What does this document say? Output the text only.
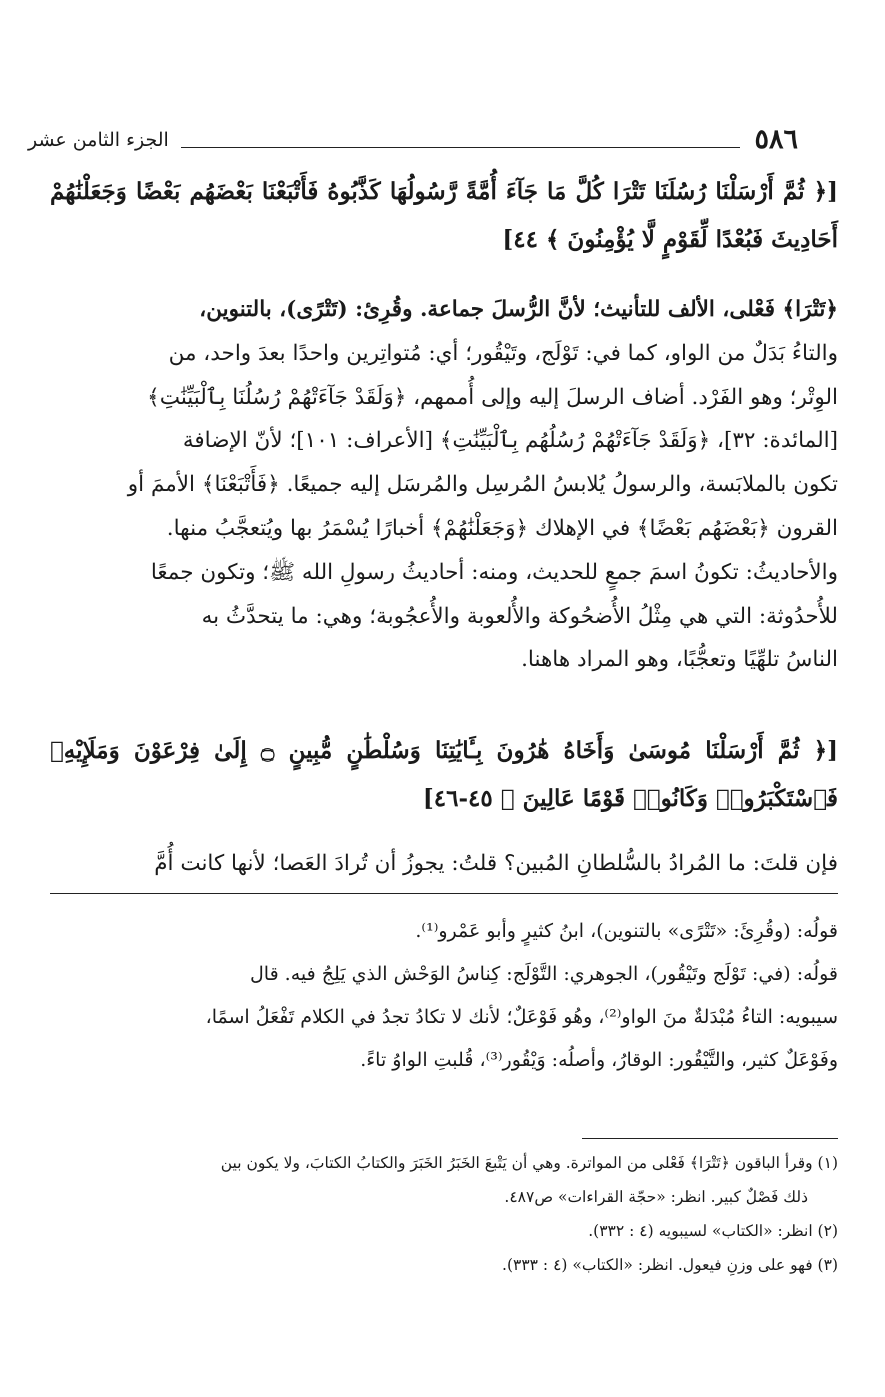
٥٨٦
الجزء الثامن عشر

[﴿ ثُمَّ أَرْسَلْنَا رُسُلَنَا تَتْرَا كُلَّ مَا جَآءَ أُمَّةً رَّسُولُهَا كَذَّبُوهُ فَأَتْبَعْنَا بَعْضَهُم بَعْضًا وَجَعَلْنَٰهُمْ أَحَادِيثَ فَبُعْدًا لِّقَوْمٍ لَّا يُؤْمِنُونَ ﴾ ٤٤]

﴿تَتْرَا﴾ فَعْلى، الألف للتأنيث؛ لأنَّ الرُّسلَ جماعة. وقُرِئ: (تَتْرًى)، بالتنوين،

والتاءُ بَدَلٌ من الواو، كما في: تَوْلَج، وتَيْقُور؛ أي: مُتواتِرين واحدًا بعدَ واحد، من

الوِتْر؛ وهو الفَرْد. أضاف الرسلَ إليه وإلى أُممهم، ﴿وَلَقَدْ جَآءَتْهُمْ رُسُلُنَا بِٱلْبَيِّنَٰتِ﴾

[المائدة: ٣٢]، ﴿وَلَقَدْ جَآءَتْهُمْ رُسُلُهُم بِٱلْبَيِّنَٰتِ﴾ [الأعراف: ١٠١]؛ لأنّ الإضافة

تكون بالملابَسة، والرسولُ يُلابسُ المُرسِل والمُرسَل إليه جميعًا. ﴿فَأَتْبَعْنَا﴾ الأممَ أو

القرون ﴿بَعْضَهُم بَعْضًا﴾ في الإهلاك ﴿وَجَعَلْنَٰهُمْ﴾ أخبارًا يُسْمَرُ بها ويُتعجَّبُ منها.

والأحاديثُ: تكونُ اسمَ جمعٍ للحديث، ومنه: أحاديثُ رسولِ الله ﷺ؛ وتكون جمعًا

للأُحدُوثة: التي هي مِثْلُ الأُضحُوكة والأُلعوبة والأُعجُوبة؛ وهي: ما يتحدَّثُ به

الناسُ تلهِّيًا وتعجُّبًا، وهو المراد هاهنا.

[﴿ ثُمَّ أَرْسَلْنَا مُوسَىٰ وَأَخَاهُ هَٰرُونَ بِـَٔايَٰتِنَا وَسُلْطَٰنٍ مُّبِينٍ ۝ إِلَىٰ فِرْعَوْنَ وَمَلَإِيْهِۦ فَٱسْتَكْبَرُوا۟ وَكَانُوا۟ قَوْمًا عَالِينَ ﴾ ٤٥-٤٦]

فإن قلتَ: ما المُرادُ بالسُّلطانِ المُبين؟ قلتُ: يجوزُ أن تُرادَ العَصا؛ لأنها كانت أُمَّ

قولُه: (وقُرِئَ: «تَتْرًى» بالتنوين)، ابنُ كثيرٍ وأبو عَمْرو⁽¹⁾.

قولُه: (في: تَوْلَج وتَيْقُور)، الجوهري: التَّوْلَج: كِناسُ الوَحْش الذي يَلِجُ فيه. قال

سيبويه: التاءُ مُبْدَلةٌ منَ الواو⁽²⁾، وهُو فَوْعَلٌ؛ لأنك لا تكادُ تجدُ في الكلام تَفْعَلُ اسمًا،

وفَوْعَلٌ كثير، والتَّيْقُور: الوقارُ، وأصلُه: وَيْقُور⁽³⁾، قُلبتِ الواوُ تاءً.

(١) وقرأ الباقون ﴿تَتْرَا﴾ فَعْلى من المواترة. وهي أن يَتْبعَ الخَبَرُ الخَبَرَ والكتابُ الكتابَ، ولا يكون بين

ذلك فَصْلٌ كبير. انظر: «حجّة القراءات» ص٤٨٧.

(٢) انظر: «الكتاب» لسيبويه (٤ : ٣٣٢).

(٣) فهو على وزنِ فيعول. انظر: «الكتاب» (٤ : ٣٣٣).
